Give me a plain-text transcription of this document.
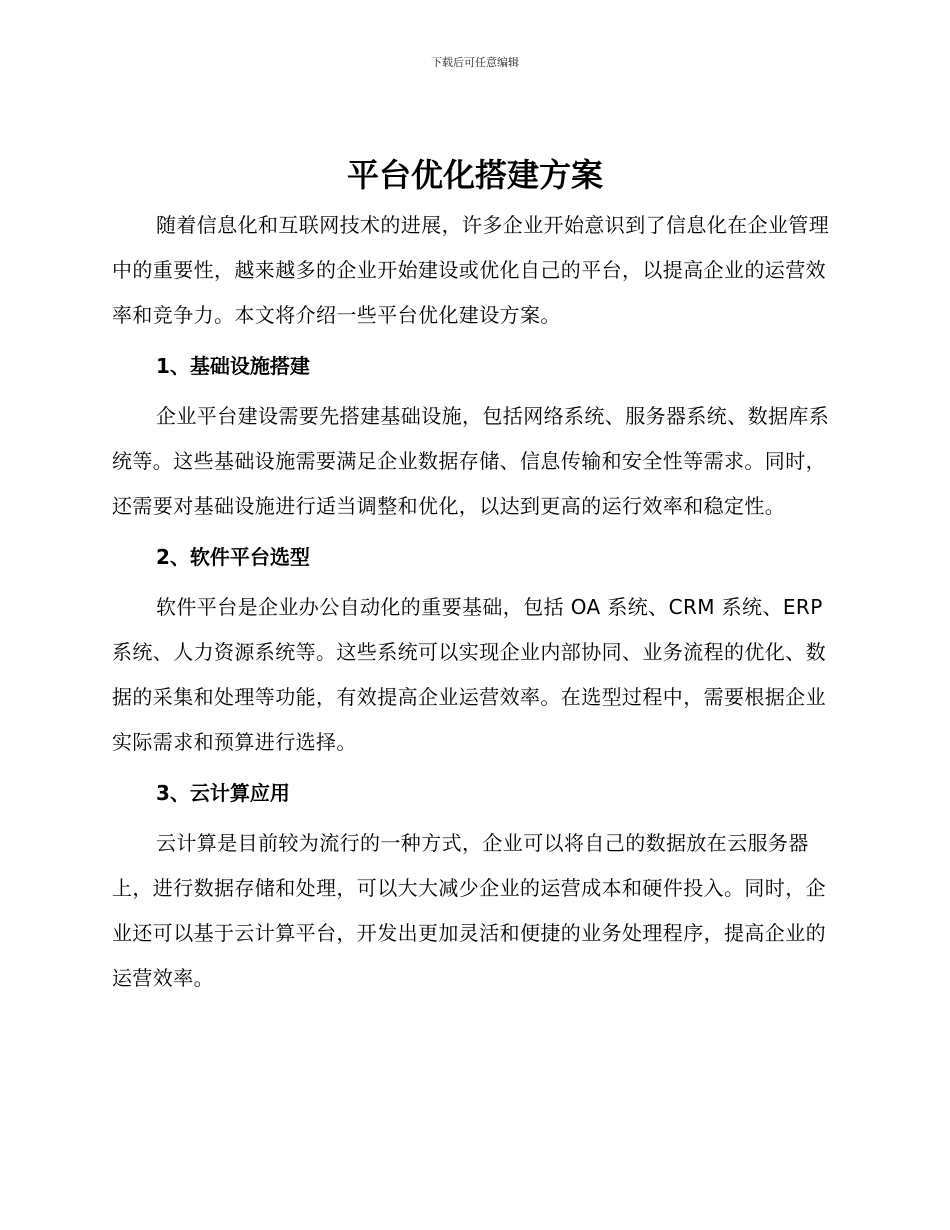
下载后可任意编辑

平台优化搭建方案

随着信息化和互联网技术的进展，许多企业开始意识到了信息化在企业管理中的重要性，越来越多的企业开始建设或优化自己的平台，以提高企业的运营效率和竞争力。本文将介绍一些平台优化建设方案。

1、基础设施搭建

企业平台建设需要先搭建基础设施，包括网络系统、服务器系统、数据库系统等。这些基础设施需要满足企业数据存储、信息传输和安全性等需求。同时，还需要对基础设施进行适当调整和优化，以达到更高的运行效率和稳定性。

2、软件平台选型

软件平台是企业办公自动化的重要基础，包括 OA 系统、CRM 系统、ERP 系统、人力资源系统等。这些系统可以实现企业内部协同、业务流程的优化、数据的采集和处理等功能，有效提高企业运营效率。在选型过程中，需要根据企业实际需求和预算进行选择。

3、云计算应用

云计算是目前较为流行的一种方式，企业可以将自己的数据放在云服务器上，进行数据存储和处理，可以大大减少企业的运营成本和硬件投入。同时，企业还可以基于云计算平台，开发出更加灵活和便捷的业务处理程序，提高企业的运营效率。
